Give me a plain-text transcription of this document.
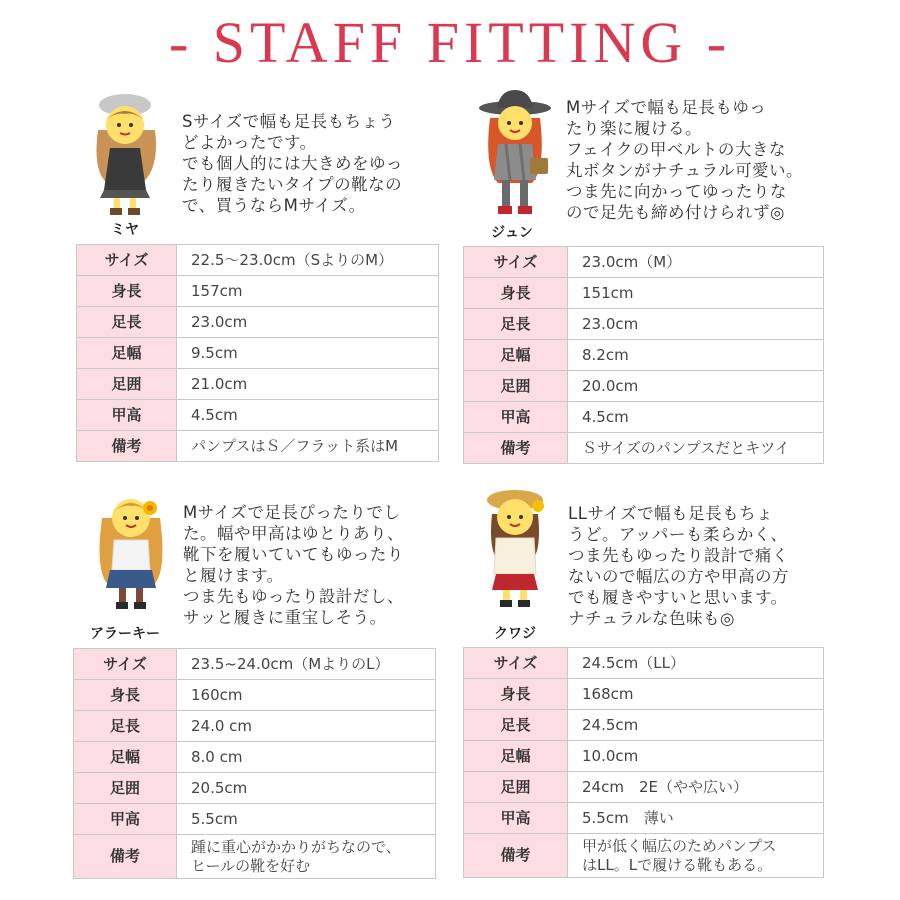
- STAFF FITTING -
ミヤ
Sサイズで幅も足長もちょう
どよかったです。
でも個人的には大きめをゆっ
たり履きたいタイプの靴なの
で、買うならMサイズ。
サイズ	22.5〜23.0cm（SよりのM）
身長	157cm
足長	23.0cm
足幅	9.5cm
足囲	21.0cm
甲高	4.5cm
備考	パンプスはＳ／フラット系はM
ジュン
Mサイズで幅も足長もゆっ
たり楽に履ける。
フェイクの甲ベルトの大きな
丸ボタンがナチュラル可愛い。
つま先に向かってゆったりな
ので足先も締め付けられず◎
サイズ	23.0cm（M）
身長	151cm
足長	23.0cm
足幅	8.2cm
足囲	20.0cm
甲高	4.5cm
備考	Ｓサイズのパンプスだとキツイ
アラーキー
Mサイズで足長ぴったりでし
た。幅や甲高はゆとりあり、
靴下を履いていてもゆったり
と履けます。
つま先もゆったり設計だし、
サッと履きに重宝しそう。
サイズ	23.5~24.0cm（MよりのL）
身長	160cm
足長	24.0 cm
足幅	8.0 cm
足囲	20.5cm
甲高	5.5cm
備考	踵に重心がかかりがちなので、
ヒールの靴を好む
クワジ
LLサイズで幅も足長もちょ
うど。アッパーも柔らかく、
つま先もゆったり設計で痛く
ないので幅広の方や甲高の方
でも履きやすいと思います。
ナチュラルな色味も◎
サイズ	24.5cm（LL）
身長	168cm
足長	24.5cm
足幅	10.0cm
足囲	24cm　2E（やや広い）
甲高	5.5cm　薄い
備考	甲が低く幅広のためパンプス
はLL。Lで履ける靴もある。
